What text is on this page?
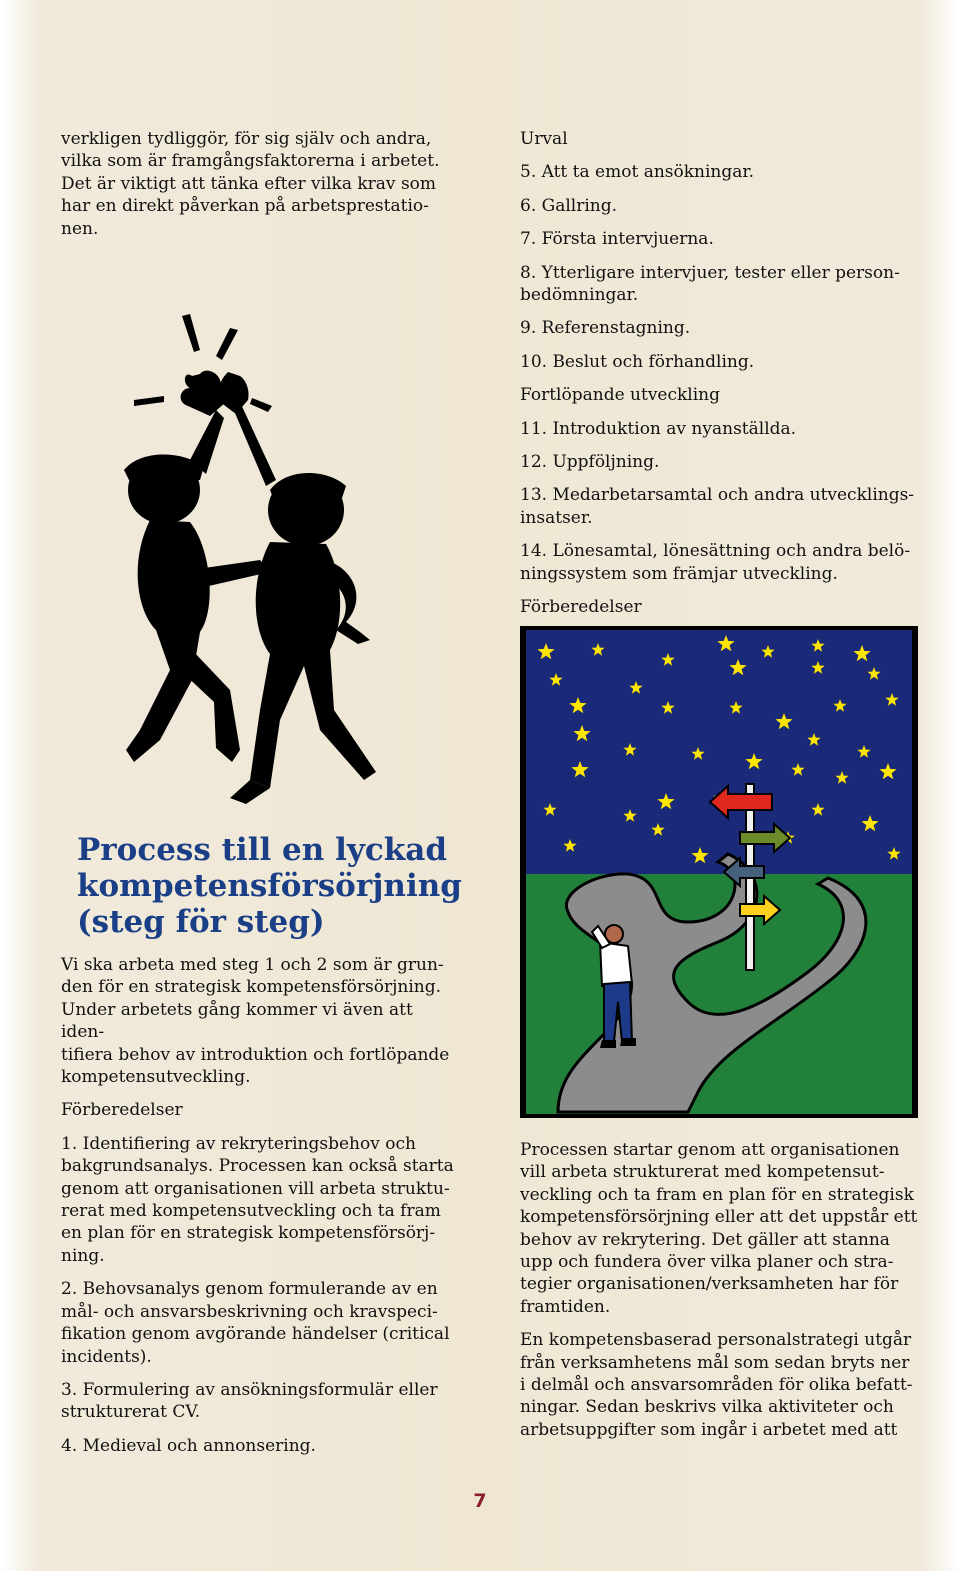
verkligen tydliggör, för sig själv och andra,
vilka som är framgångsfaktorerna i arbetet.
Det är viktigt att tänka efter vilka krav som
har en direkt påverkan på arbetsprestatio-
nen.
Process till en lyckad
kompetensförsörjning
(steg för steg)

Vi ska arbeta med steg 1 och 2 som är grun-
den för en strategisk kompetensförsörjning.
Under arbetets gång kommer vi även att iden-
tifiera behov av introduktion och fortlöpande
kompetensutveckling.

Förberedelser

1. Identifiering av rekryteringsbehov och
bakgrundsanalys. Processen kan också starta
genom att organisationen vill arbeta struktu-
rerat med kompetensutveckling och ta fram
en plan för en strategisk kompetensförsörj-
ning.

2. Behovsanalys genom formulerande av en
mål- och ansvarsbeskrivning och kravspeci-
fikation genom avgörande händelser (critical
incidents).

3. Formulering av ansökningsformulär eller
strukturerat CV.

4. Medieval och annonsering.

Urval

5. Att ta emot ansökningar.

6. Gallring.

7. Första intervjuerna.

8. Ytterligare intervjuer, tester eller person-
bedömningar.

9. Referenstagning.

10. Beslut och förhandling.

Fortlöpande utveckling

11. Introduktion av nyanställda.

12. Uppföljning.

13. Medarbetarsamtal och andra utvecklings-
insatser.

14. Lönesamtal, lönesättning och andra belö-
ningssystem som främjar utveckling.

Förberedelser

Processen startar genom att organisationen
vill arbeta strukturerat med kompetensut-
veckling och ta fram en plan för en strategisk
kompetensförsörjning eller att det uppstår ett
behov av rekrytering. Det gäller att stanna
upp och fundera över vilka planer och stra-
tegier organisationen/verksamheten har för
framtiden.

En kompetensbaserad personalstrategi utgår
från verksamhetens mål som sedan bryts ner
i delmål och ansvarsområden för olika befatt-
ningar. Sedan beskrivs vilka aktiviteter och
arbetsuppgifter som ingår i arbetet med att

7
